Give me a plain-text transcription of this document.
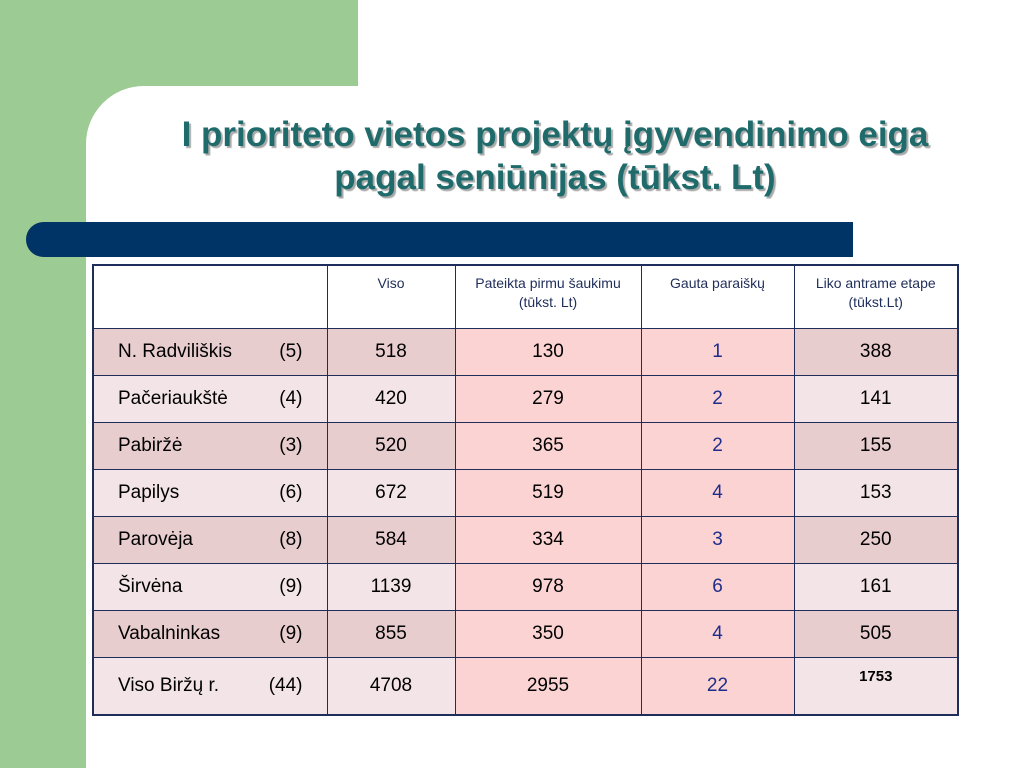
I prioriteto vietos projektų įgyvendinimo eiga
pagal seniūnijas (tūkst. Lt)
	Viso	Pateikta pirmu šaukimu (tūkst. Lt)	Gauta paraiškų	Liko antrame etape (tūkst.Lt)
N. Radviliškis (5)	518	130	1	388
Pačeriaukštė (4)	420	279	2	141
Pabiržė (3)	520	365	2	155
Papilys (6)	672	519	4	153
Parovėja (8)	584	334	3	250
Širvėna (9)	1139	978	6	161
Vabalninkas (9)	855	350	4	505
Viso Biržų r. (44)	4708	2955	22	1753
